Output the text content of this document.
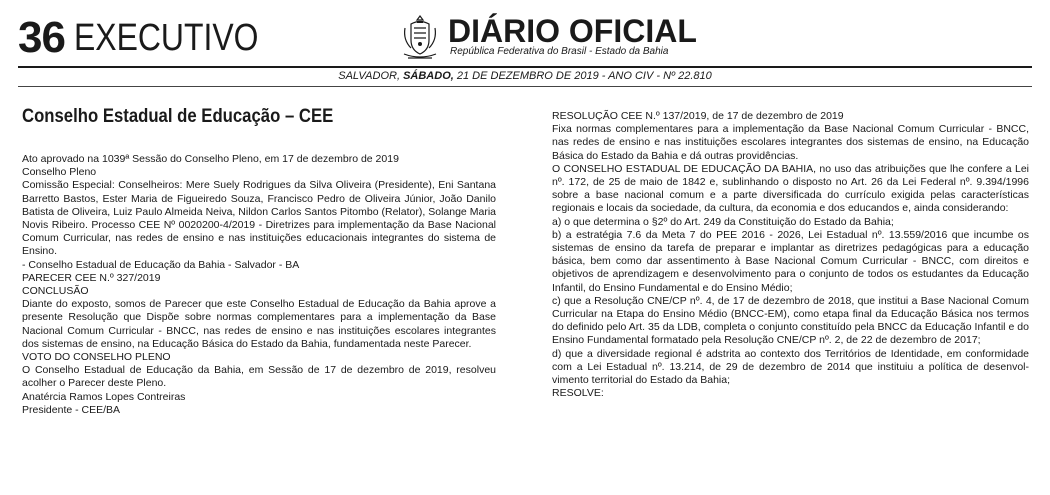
36 EXECUTIVO	DIÁRIO OFICIAL
República Federativa do Brasil - Estado da Bahia
SALVADOR, SÁBADO, 21 DE DEZEMBRO DE 2019 - ANO CIV - Nº 22.810
Conselho Estadual de Educação – CEE

Ato aprovado na 1039ª Sessão do Conselho Pleno, em 17 de dezembro de 2019

Conselho Pleno

Comissão Especial: Conselheiros: Mere Suely Rodrigues da Silva Oliveira (Presidente), Eni Santana Barretto Bastos, Ester Maria de Figueiredo Souza, Francisco Pedro de Oliveira Júnior, João Danilo Batista de Oliveira, Luiz Paulo Almeida Neiva, Nildon Carlos Santos Pitombo (Relator), Solange Maria Novis Ribeiro. Processo CEE Nº 0020200-4/2019 - Diretrizes para implementação da Base Nacional Comum Curricular, nas redes de ensino e nas instituições educacionais integrantes do sistema de Ensino.

- Conselho Estadual de Educação da Bahia - Salvador - BA

PARECER CEE N.º 327/2019

CONCLUSÃO

Diante do exposto, somos de Parecer que este Conselho Estadual de Educação da Bahia aprove a presente Resolução que Dispõe sobre normas complementares para a implementação da Base Nacional Comum Curricular - BNCC, nas redes de ensino e nas instituições escolares integrantes dos sistemas de ensino, na Educação Básica do Estado da Bahia, fundamentada neste Parecer.

VOTO DO CONSELHO PLENO

O Conselho Estadual de Educação da Bahia, em Sessão de 17 de dezembro de 2019, resolveu acolher o Parecer deste Pleno.

Anatércia Ramos Lopes Contreiras

Presidente - CEE/BA

RESOLUÇÃO CEE N.º 137/2019, de 17 de dezembro de 2019

Fixa normas complementares para a implementação da Base Nacional Comum Curricular - BNCC, nas redes de ensino e nas instituições escolares integrantes dos sistemas de ensino, na Educação Básica do Estado da Bahia e dá outras providências.

O CONSELHO ESTADUAL DE EDUCAÇÃO DA BAHIA, no uso das atribuições que lhe confere a Lei nº. 172, de 25 de maio de 1842 e, sublinhando o disposto no Art. 26 da Lei Federal nº. 9.394/1996 sobre a base nacional comum e a parte diversificada do currículo exigida pelas características regionais e locais da sociedade, da cultura, da economia e dos educandos e, ainda considerando:

a) o que determina o §2º do Art. 249 da Constituição do Estado da Bahia;

b) a estratégia 7.6 da Meta 7 do PEE 2016 - 2026, Lei Estadual nº. 13.559/2016 que incumbe os sistemas de ensino da tarefa de preparar e implantar as diretrizes pedagógicas para a educação básica, bem como dar assentimento à Base Nacional Comum Curricular - BNCC, com direitos e objetivos de aprendizagem e desenvolvimento para o conjunto de todos os estudantes da Educação Infantil, do Ensino Fundamental e do Ensino Médio;

c) que a Resolução CNE/CP nº. 4, de 17 de dezembro de 2018, que institui a Base Nacional Comum Curricular na Etapa do Ensino Médio (BNCC-EM), como etapa final da Educação Básica nos termos do definido pelo Art. 35 da LDB, completa o conjunto constituído pela BNCC da Educação Infantil e do Ensino Fundamental formatado pela Resolução CNE/CP nº. 2, de 22 de dezembro de 2017;

d) que a diversidade regional é adstrita ao contexto dos Territórios de Identidade, em conformidade com a Lei Estadual nº. 13.214, de 29 de dezembro de 2014 que instituiu a política de desenvolvimento territorial do Estado da Bahia;

RESOLVE:
